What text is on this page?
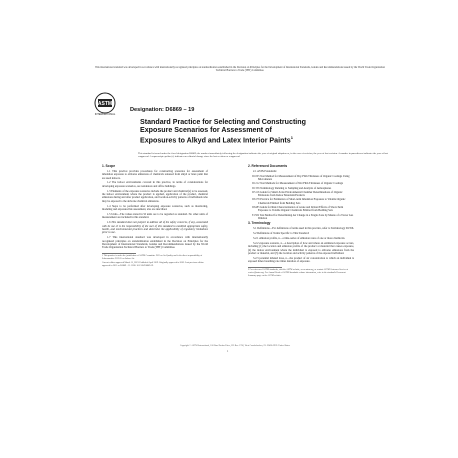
This international standard was developed in accordance with internationally recognized principles on standardization established in the Decision on Principles for the Development of International Standards, Guides and Recommendations issued by the World Trade Organization Technical Barriers to Trade (TBT) Committee.
ASTM
INTERNATIONAL
Designation: D6869 – 19
Standard Practice for Selecting and Constructing Exposure Scenarios for Assessment of Exposures to Alkyd and Latex Interior Paints$^1$
This standard is issued under the fixed designation D6869; the number immediately following the designation indicates the year of original adoption or, in the case of revision, the year of last revision. A number in parentheses indicates the year of last reapproval. A superscript epsilon (ε) indicates an editorial change since the last revision or reapproval.
1. Scope
1.1 This practice provides procedures for constructing scenarios for assessment of inhalation exposure to airborne emissions of chemicals released from alkyd or latex paint that are used indoors.
1.2 The indoor environments covered in this practice, in terms of considerations for developing exposure scenarios, are residences and office buildings.
1.3 Elements of the exposure scenarios include the product and chemical(s) to be assessed, the indoor environment where the product is applied, application of the product, chemical emissions during and after product application, and location-activity patterns of individuals who may be exposed to the airborne chemical emissions.
1.4 Steps to be performed after developing exposure scenarios, such as monitoring, modeling and exposure/risk assessment, also are described.
1.5 Units—The values stated in SI units are to be regarded as standard. No other units of measurement are included in this standard.
1.6 This standard does not purport to address all of the safety concerns, if any, associated with its use. It is the responsibility of the user of this standard to establish appropriate safety, health, and environmental practices and determine the applicability of regulatory limitations prior to use.
1.7 This international standard was developed in accordance with internationally recognized principles on standardization established in the Decision on Principles for the Development of International Standards, Guides and Recommendations issued by the World Trade Organization Technical Barriers to Trade (TBT) Committee.
1 This practice is under the jurisdiction of ASTM Committee D22 on Air Quality and is the direct responsibility of Subcommittee D22.05 on Indoor Air.
Current edition approved March 15, 2019. Published April 2019. Originally approved in 2003. Last previous edition approved in 2011 as D6869 – 11. DOI: 10.1520/D6869-19.
2. Referenced Documents
2.1 ASTM Standards:
D1005 Test Method for Measurement of Dry-Film Thickness of Organic Coatings Using Micrometers
D1212 Test Methods for Measurement of Wet Film Thickness of Organic Coatings
D1356 Terminology Relating to Sampling and Analysis of Atmospheres
D5116 Guide for Small-Scale Environmental Chamber Determinations of Organic Emissions from Indoor Materials/Products
D6178 Practice for Estimation of Short-term Inhalation Exposure to Volatile Organic Chemicals Emitted from Bedding Sets
D6485 Guide for Risk Characterization of Acute and Irritant Effects of Short-Term Exposure to Volatile Organic Chemicals Emitted from Bedding Sets
E1582 Test Method for Determining Air Change in a Single Zone by Means of a Tracer Gas Dilution
3. Terminology
3.1 Definitions—For definitions of terms used in this practice, refer to Terminology D1356.
3.2 Definitions of Terms Specific to This Standard:
3.2.1 emission profile, n—a time-series of emission rates of one or more chemicals.
3.2.2 exposure scenario, n—a description of how and where an estimated exposure occurs, including (1) the location and emission profile of the product or material that causes exposure, (2) the indoor environment where the individual is exposed to airborne emissions from the product or material, and (3) the location and activity patterns of the exposed individual.
3.2.3 potential inhaled dose, n—the product of air concentration to which an individual is exposed times breathing rate times duration of exposure.
2 For referenced ASTM standards, visit the ASTM website, www.astm.org, or contact ASTM Customer Service at service@astm.org. For Annual Book of ASTM Standards volume information, refer to the standard's Document Summary page on the ASTM website.
Copyright © ASTM International, 100 Barr Harbor Drive, PO Box C700, West Conshohocken, PA 19428-2959. United States
1
